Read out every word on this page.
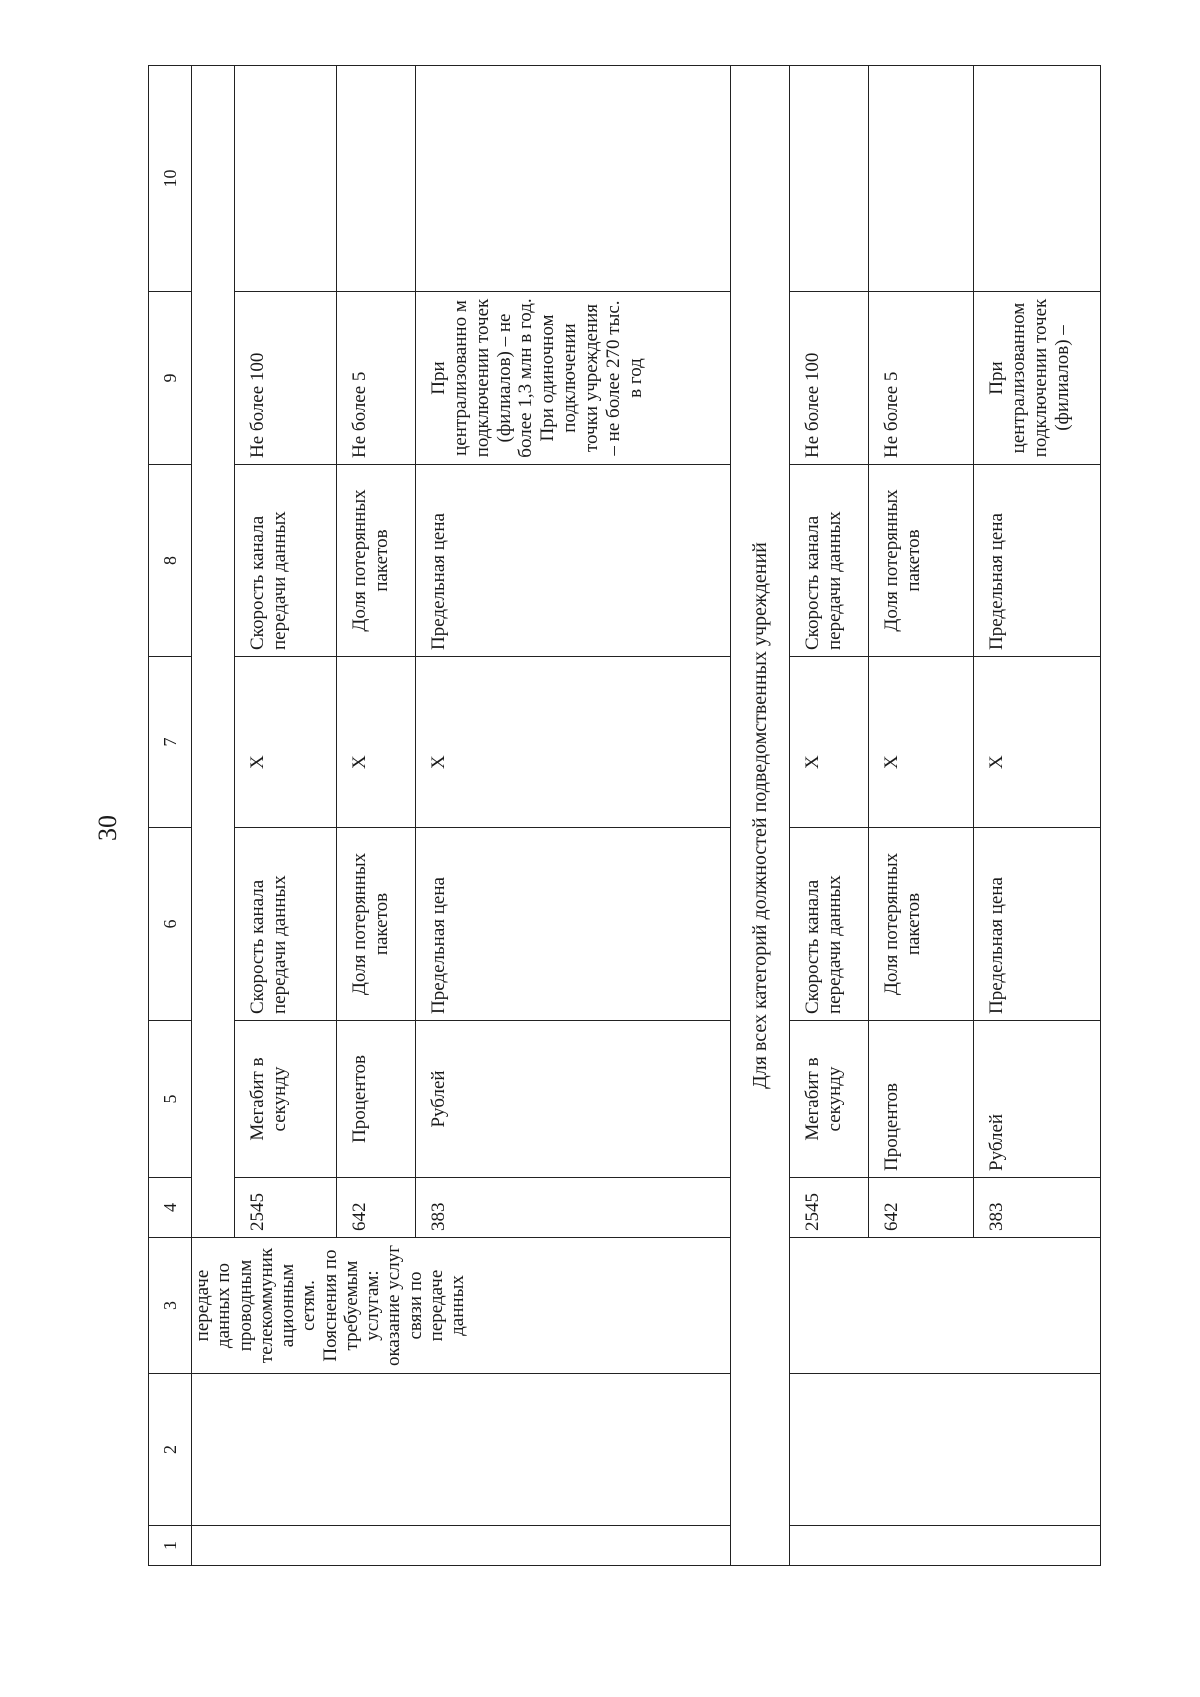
30
1	2	3	4	5	6	7	8	9	10
		передаче данных по проводным телекоммуник ационным сетям. Пояснения по требуемым услугам: оказание услуг связи по передаче данных							
			2545	Мегабит в секунду	Скорость канала передачи данных	X	Скорость канала передачи данных	Не более 100	
			642	Процентов	Доля потерянных пакетов	X	Доля потерянных пакетов	Не более 5	
			383	Рублей	Предельная цена	X	Предельная цена	При централизованно м подключении точек (филиалов) – не более 1,3 млн в год. При одиночном подключении точки учреждения – не более 270 тыс. в год	
Для всех категорий должностей подведомственных учреждений									
			2545	Мегабит в секунду	Скорость канала передачи данных	X	Скорость канала передачи данных	Не более 100	
			642	Процентов	Доля потерянных пакетов	X	Доля потерянных пакетов	Не более 5	
			383	Рублей	Предельная цена	X	Предельная цена	При централизованном подключении точек (филиалов) –	
